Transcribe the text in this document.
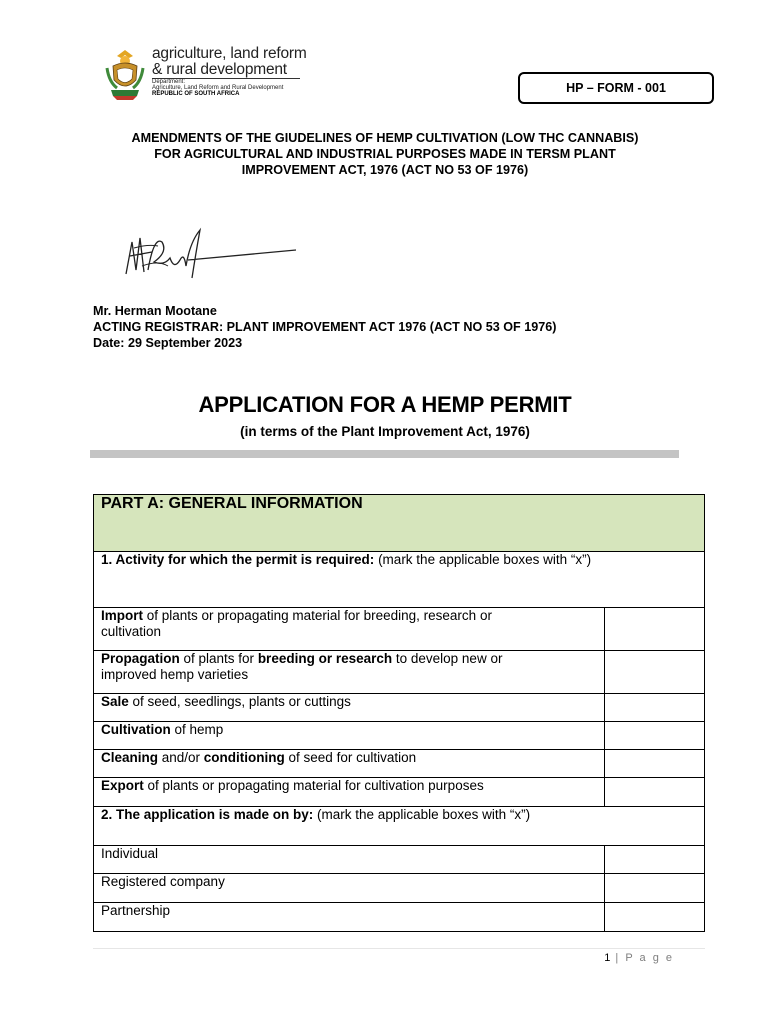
agriculture, land reform
& rural development
Department:
Agriculture, Land Reform and Rural Development
REPUBLIC OF SOUTH AFRICA	HP – FORM - 001
AMENDMENTS OF THE GIUDELINES OF HEMP CULTIVATION (LOW THC CANNABIS)
FOR AGRICULTURAL AND INDUSTRIAL PURPOSES MADE IN TERSM PLANT
IMPROVEMENT ACT, 1976 (ACT NO 53 OF 1976)
Mr. Herman Mootane
ACTING REGISTRAR: PLANT IMPROVEMENT ACT 1976 (ACT NO 53 OF 1976)
Date: 29 September 2023
APPLICATION FOR A HEMP PERMIT
(in terms of the Plant Improvement Act, 1976)
PART A: GENERAL INFORMATION	
1. Activity for which the permit is required: (mark the applicable boxes with “x”)	
Import of plants or propagating material for breeding, research or
cultivation	
Propagation of plants for breeding or research to develop new or
improved hemp varieties	
Sale of seed, seedlings, plants or cuttings	
Cultivation of hemp	
Cleaning and/or conditioning of seed for cultivation	
Export of plants or propagating material for cultivation purposes	
2. The application is made on by: (mark the applicable boxes with “x”)	
Individual	
Registered company	
Partnership	
1 | P a g e
